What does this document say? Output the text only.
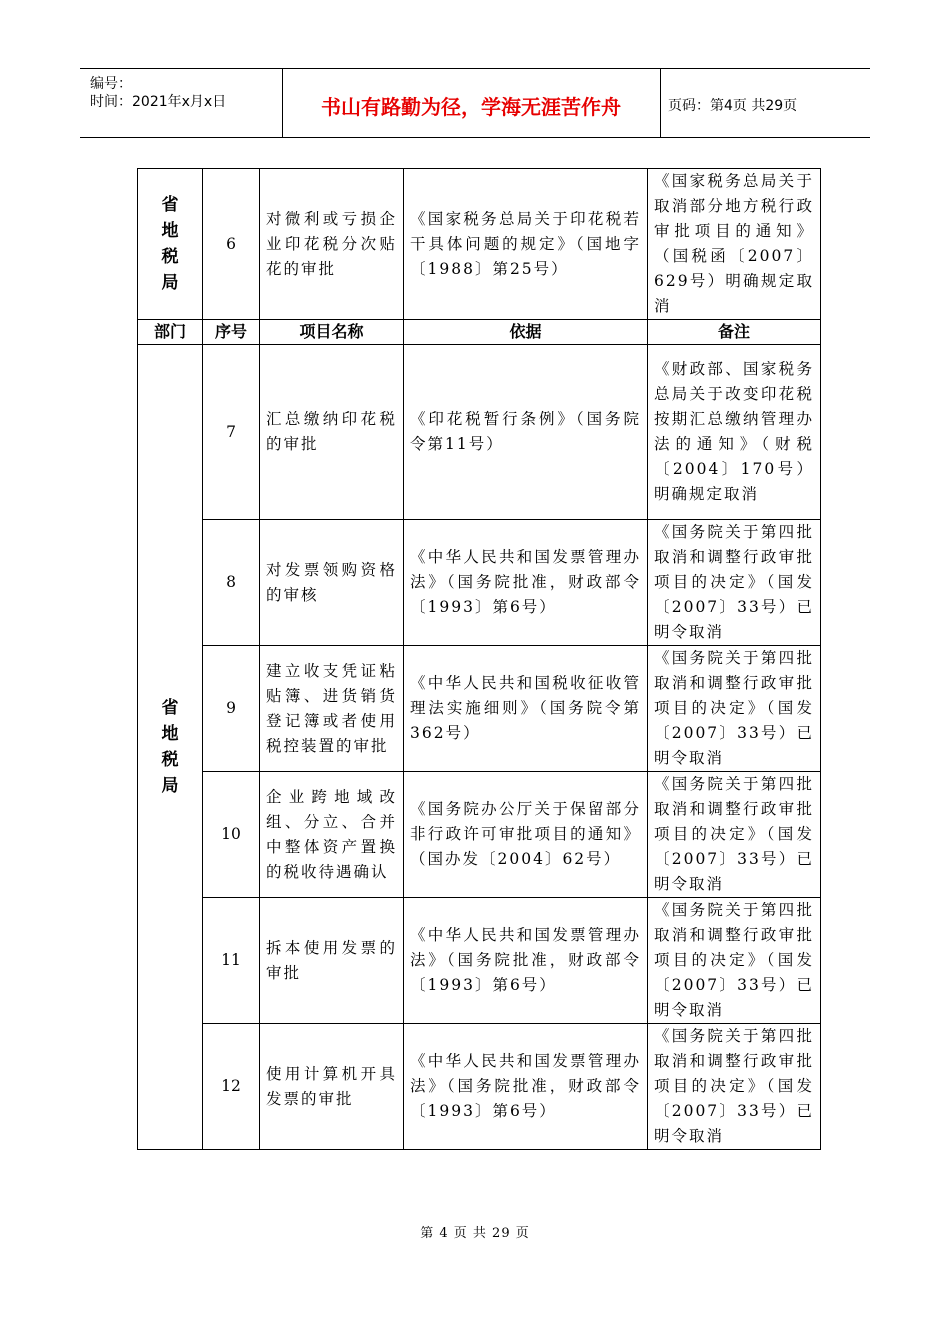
编号：
时间：2021年x月x日	书山有路勤为径，学海无涯苦作舟	页码：第4页 共29页
省地税局	6	对微利或亏损企业印花税分次贴花的审批	《国家税务总局关于印花税若干具体问题的规定》（国地字〔1988〕第25号）	《国家税务总局关于取消部分地方税行政审批项目的通知》（国税函〔2007〕629号）明确规定取消
部门	序号	项目名称	依据	备注
省地税局	7	汇总缴纳印花税的审批	《印花税暂行条例》（国务院令第11号）	《财政部、国家税务总局关于改变印花税按期汇总缴纳管理办法的通知》（财税〔2004〕170号）明确规定取消
	8	对发票领购资格的审核	《中华人民共和国发票管理办法》（国务院批准，财政部令〔1993〕第6号）	《国务院关于第四批取消和调整行政审批项目的决定》（国发〔2007〕33号）已明令取消
	9	建立收支凭证粘贴簿、进货销货登记簿或者使用税控装置的审批	《中华人民共和国税收征收管理法实施细则》（国务院令第362号）	《国务院关于第四批取消和调整行政审批项目的决定》（国发〔2007〕33号）已明令取消
	10	企业跨地域改组、分立、合并中整体资产置换的税收待遇确认	《国务院办公厅关于保留部分非行政许可审批项目的通知》（国办发〔2004〕62号）	《国务院关于第四批取消和调整行政审批项目的决定》（国发〔2007〕33号）已明令取消
	11	拆本使用发票的审批	《中华人民共和国发票管理办法》（国务院批准，财政部令〔1993〕第6号）	《国务院关于第四批取消和调整行政审批项目的决定》（国发〔2007〕33号）已明令取消
	12	使用计算机开具发票的审批	《中华人民共和国发票管理办法》（国务院批准，财政部令〔1993〕第6号）	《国务院关于第四批取消和调整行政审批项目的决定》（国发〔2007〕33号）已明令取消
第 4 页 共 29 页
